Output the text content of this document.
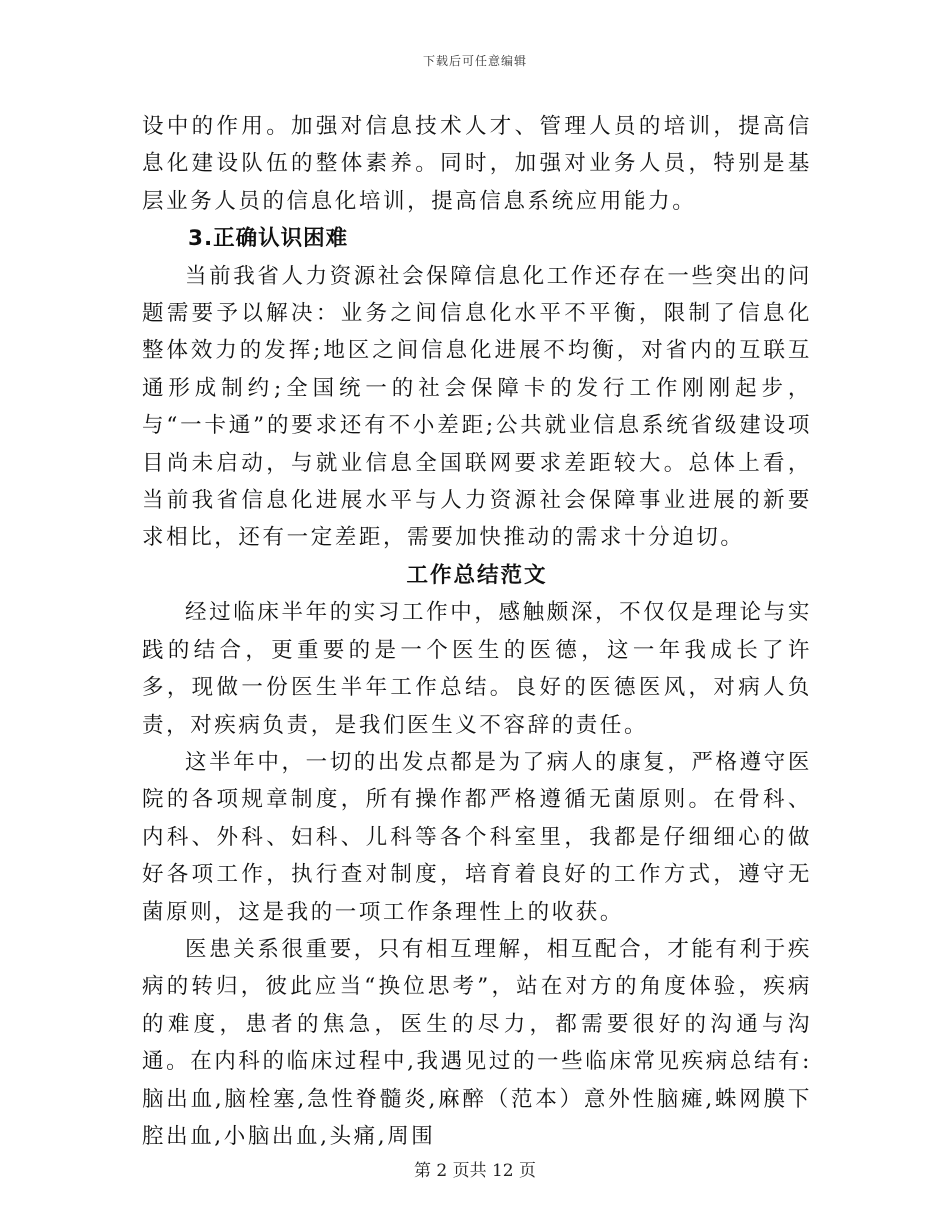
下载后可任意编辑

设中的作用。加强对信息技术人才、管理人员的培训，提高信息化建设队伍的整体素养。同时，加强对业务人员，特别是基层业务人员的信息化培训，提高信息系统应用能力。

3.正确认识困难

当前我省人力资源社会保障信息化工作还存在一些突出的问题需要予以解决：业务之间信息化水平不平衡，限制了信息化整体效力的发挥;地区之间信息化进展不均衡，对省内的互联互通形成制约;全国统一的社会保障卡的发行工作刚刚起步，与“一卡通”的要求还有不小差距;公共就业信息系统省级建设项目尚未启动，与就业信息全国联网要求差距较大。总体上看，当前我省信息化进展水平与人力资源社会保障事业进展的新要求相比，还有一定差距，需要加快推动的需求十分迫切。

工作总结范文

经过临床半年的实习工作中，感触颇深，不仅仅是理论与实践的结合，更重要的是一个医生的医德，这一年我成长了许多，现做一份医生半年工作总结。良好的医德医风，对病人负责，对疾病负责，是我们医生义不容辞的责任。

这半年中，一切的出发点都是为了病人的康复，严格遵守医院的各项规章制度，所有操作都严格遵循无菌原则。在骨科、内科、外科、妇科、儿科等各个科室里，我都是仔细细心的做好各项工作，执行查对制度，培育着良好的工作方式，遵守无菌原则，这是我的一项工作条理性上的收获。

医患关系很重要，只有相互理解，相互配合，才能有利于疾病的转归，彼此应当“换位思考”，站在对方的角度体验，疾病的难度，患者的焦急，医生的尽力，都需要很好的沟通与沟通。在内科的临床过程中,我遇见过的一些临床常见疾病总结有:脑出血,脑栓塞,急性脊髓炎,麻醉（范本）意外性脑瘫,蛛网膜下腔出血,小脑出血,头痛,周围

第 2 页共 12 页
